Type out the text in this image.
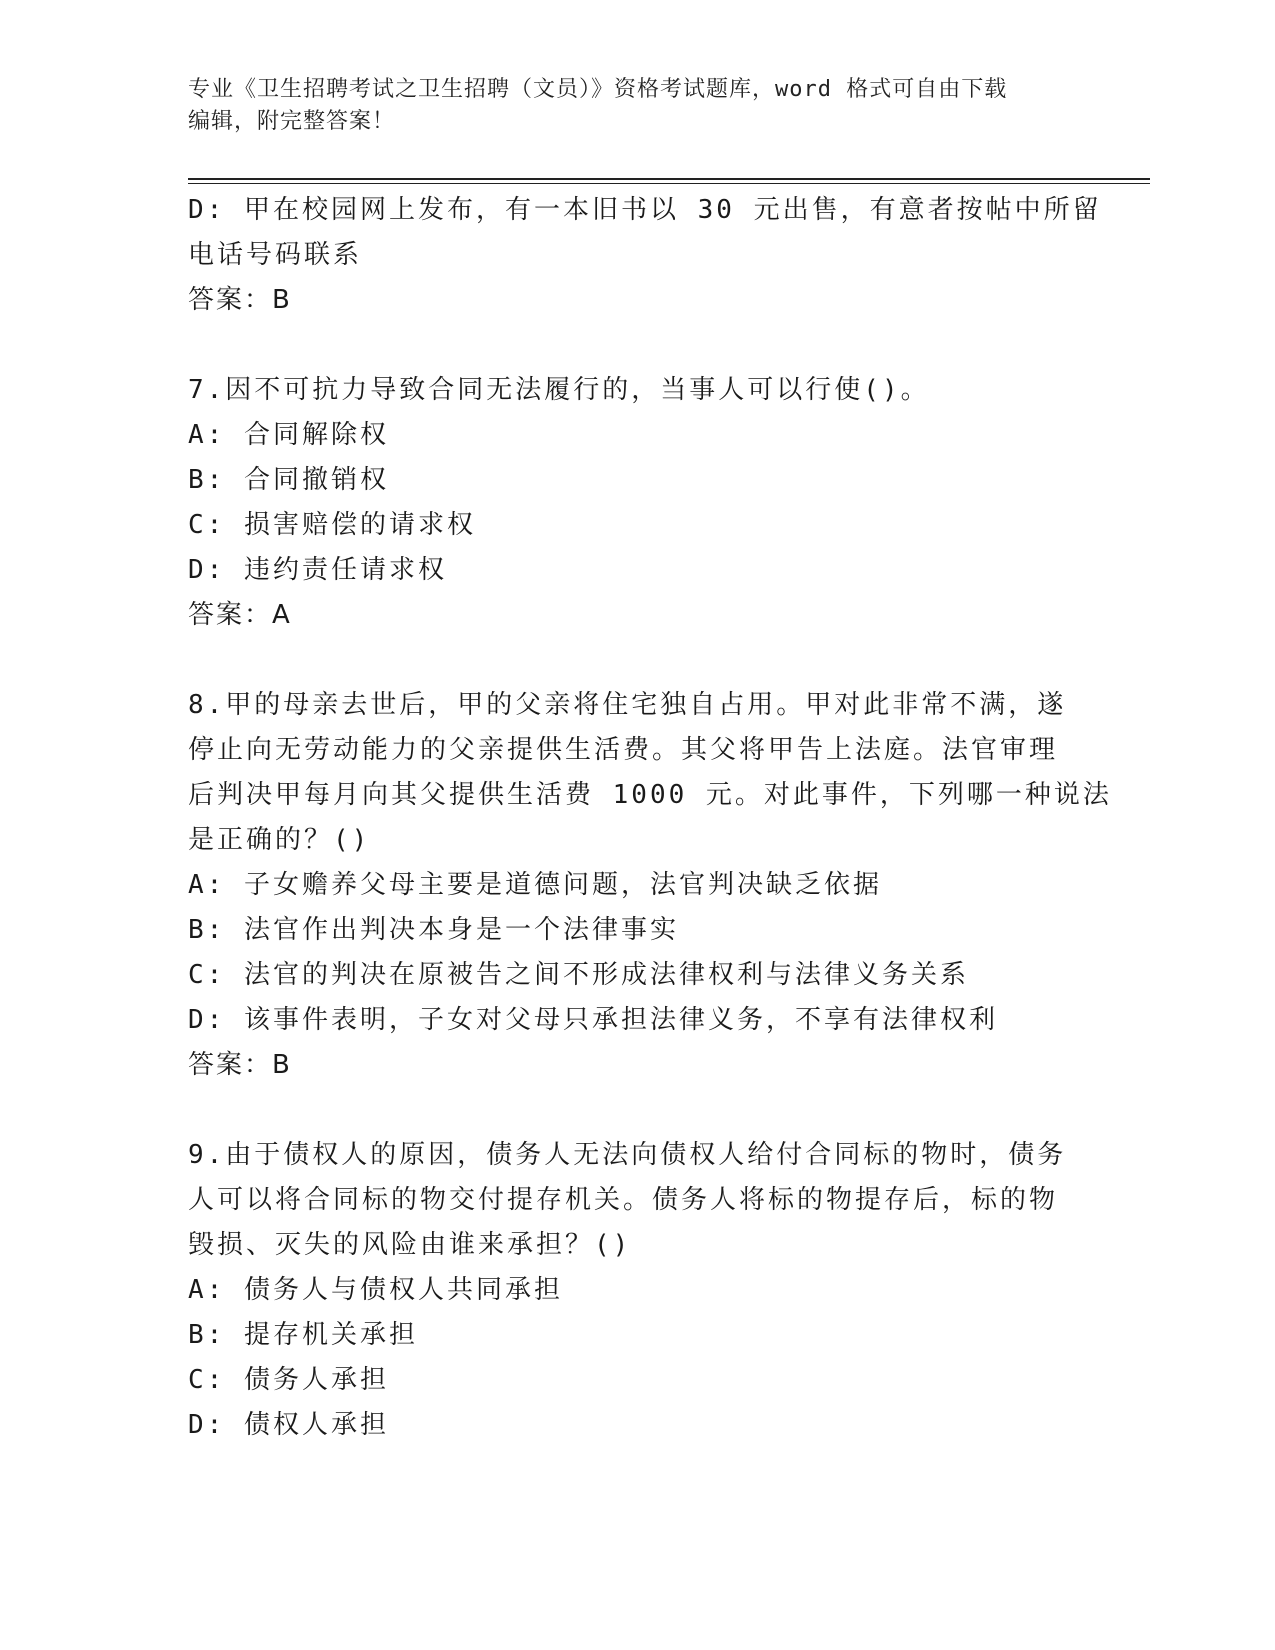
专业《卫生招聘考试之卫生招聘（文员）》资格考试题库，word 格式可自由下载
编辑，附完整答案！
D: 甲在校园网上发布，有一本旧书以 30 元出售，有意者按帖中所留
电话号码联系
答案：B
7.因不可抗力导致合同无法履行的，当事人可以行使()。
A: 合同解除权
B: 合同撤销权
C: 损害赔偿的请求权
D: 违约责任请求权
答案：A
8.甲的母亲去世后，甲的父亲将住宅独自占用。甲对此非常不满，遂
停止向无劳动能力的父亲提供生活费。其父将甲告上法庭。法官审理
后判决甲每月向其父提供生活费 1000 元。对此事件，下列哪一种说法
是正确的？()
A: 子女赡养父母主要是道德问题，法官判决缺乏依据
B: 法官作出判决本身是一个法律事实
C: 法官的判决在原被告之间不形成法律权利与法律义务关系
D: 该事件表明，子女对父母只承担法律义务，不享有法律权利
答案：B
9.由于债权人的原因，债务人无法向债权人给付合同标的物时，债务
人可以将合同标的物交付提存机关。债务人将标的物提存后，标的物
毁损、灭失的风险由谁来承担？()
A: 债务人与债权人共同承担
B: 提存机关承担
C: 债务人承担
D: 债权人承担
